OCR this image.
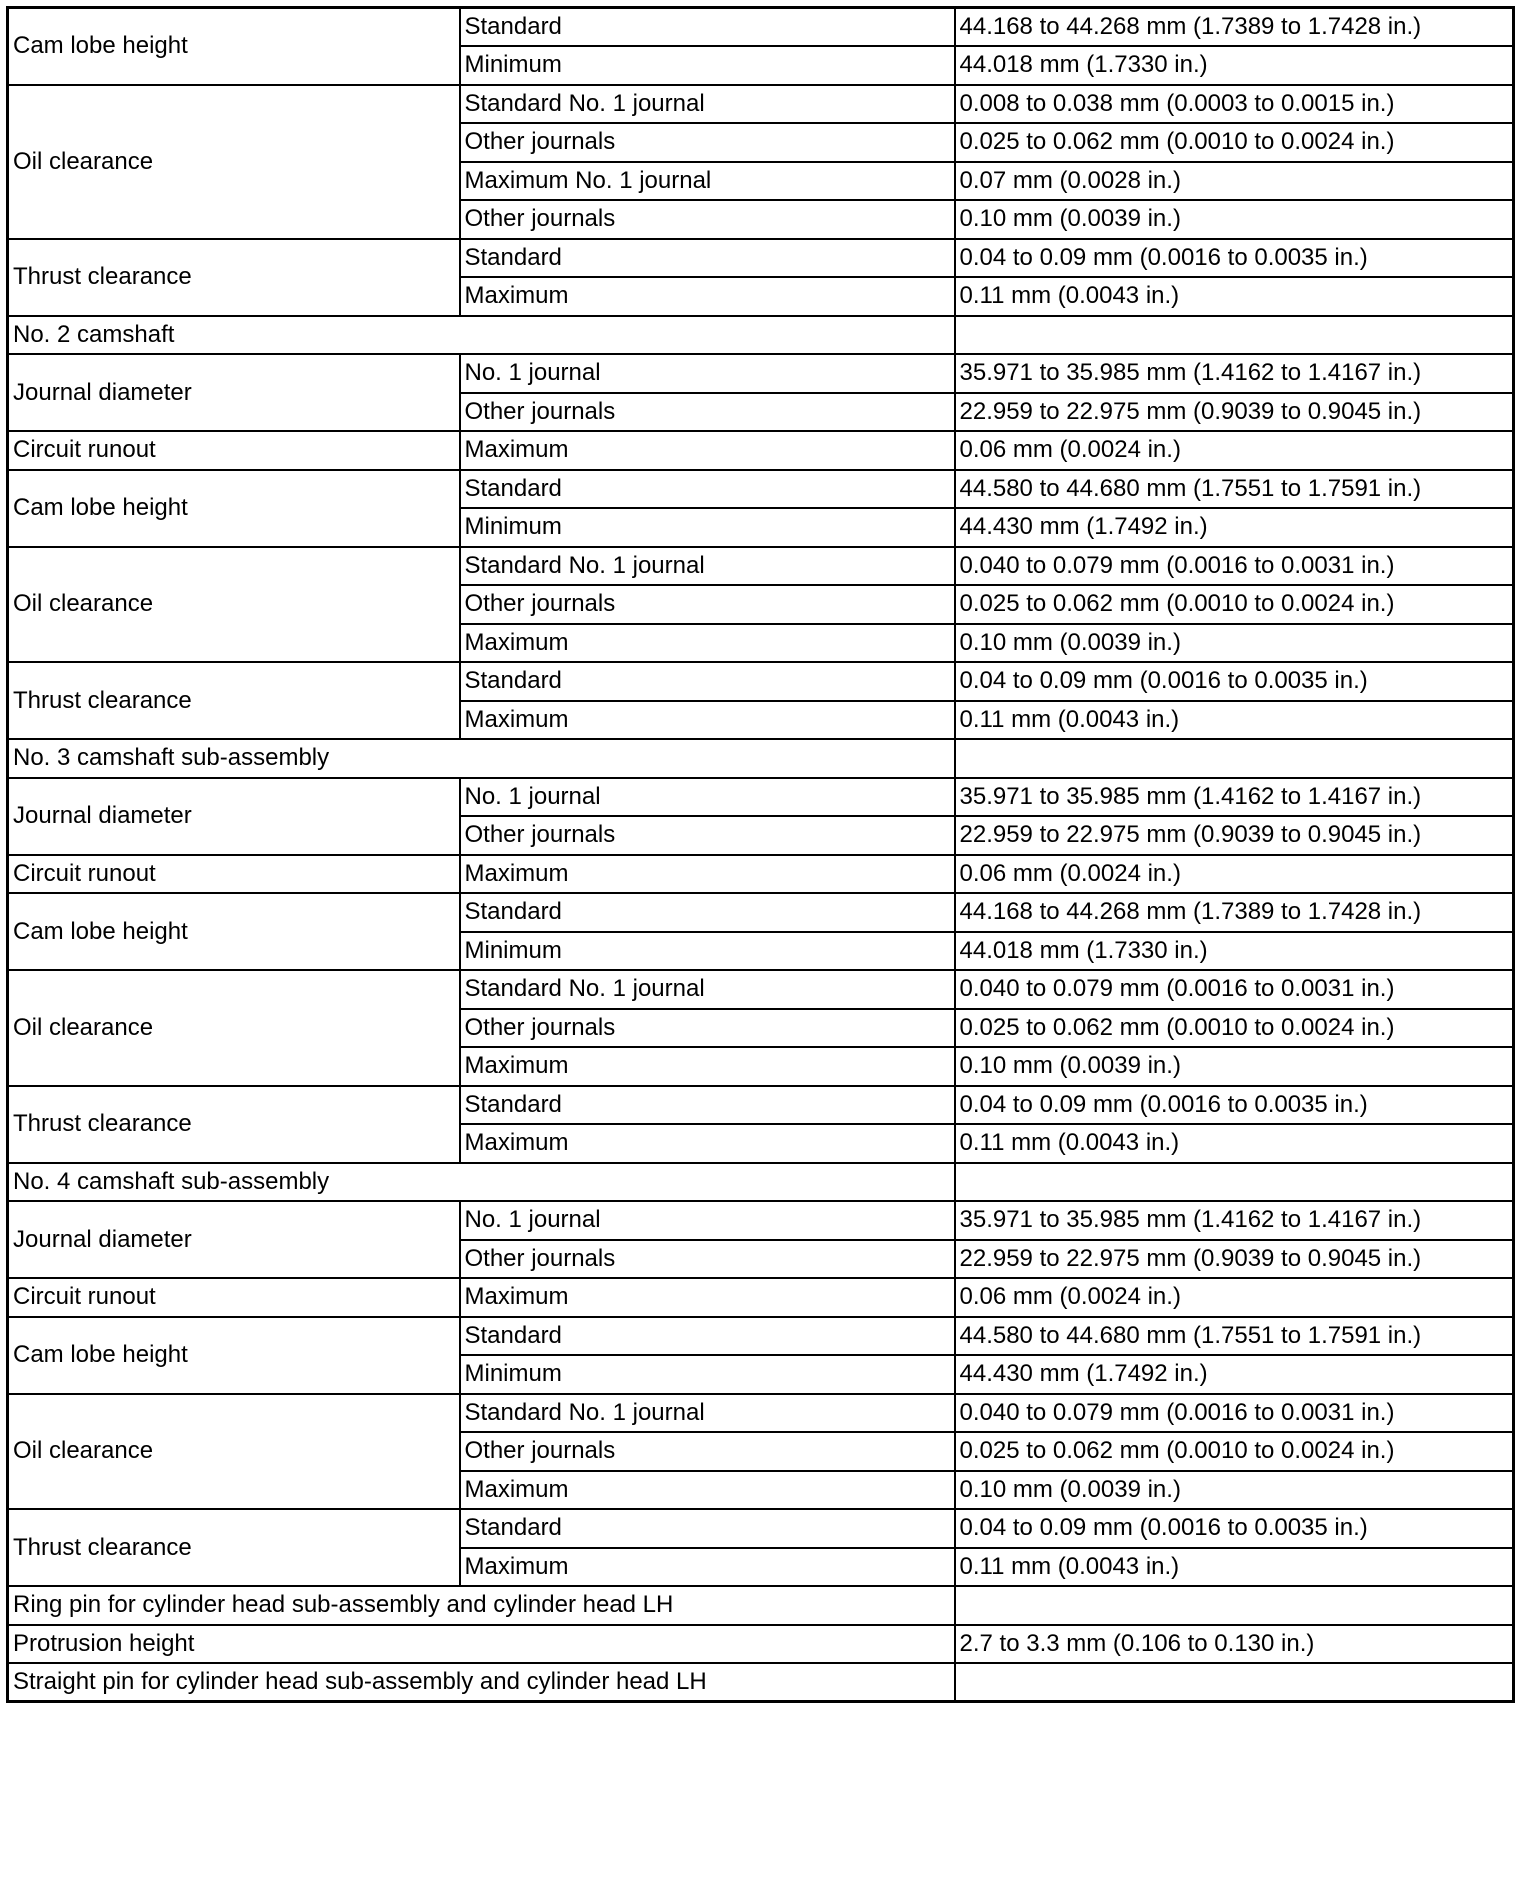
Cam lobe height	Standard	44.168 to 44.268 mm (1.7389 to 1.7428 in.)
	Minimum	44.018 mm (1.7330 in.)
Oil clearance	Standard No. 1 journal	0.008 to 0.038 mm (0.0003 to 0.0015 in.)
	Other journals	0.025 to 0.062 mm (0.0010 to 0.0024 in.)
	Maximum No. 1 journal	0.07 mm (0.0028 in.)
	Other journals	0.10 mm (0.0039 in.)
Thrust clearance	Standard	0.04 to 0.09 mm (0.0016 to 0.0035 in.)
	Maximum	0.11 mm (0.0043 in.)
No. 2 camshaft		
Journal diameter	No. 1 journal	35.971 to 35.985 mm (1.4162 to 1.4167 in.)
	Other journals	22.959 to 22.975 mm (0.9039 to 0.9045 in.)
Circuit runout	Maximum	0.06 mm (0.0024 in.)
Cam lobe height	Standard	44.580 to 44.680 mm (1.7551 to 1.7591 in.)
	Minimum	44.430 mm (1.7492 in.)
Oil clearance	Standard No. 1 journal	0.040 to 0.079 mm (0.0016 to 0.0031 in.)
	Other journals	0.025 to 0.062 mm (0.0010 to 0.0024 in.)
	Maximum	0.10 mm (0.0039 in.)
Thrust clearance	Standard	0.04 to 0.09 mm (0.0016 to 0.0035 in.)
	Maximum	0.11 mm (0.0043 in.)
No. 3 camshaft sub-assembly		
Journal diameter	No. 1 journal	35.971 to 35.985 mm (1.4162 to 1.4167 in.)
	Other journals	22.959 to 22.975 mm (0.9039 to 0.9045 in.)
Circuit runout	Maximum	0.06 mm (0.0024 in.)
Cam lobe height	Standard	44.168 to 44.268 mm (1.7389 to 1.7428 in.)
	Minimum	44.018 mm (1.7330 in.)
Oil clearance	Standard No. 1 journal	0.040 to 0.079 mm (0.0016 to 0.0031 in.)
	Other journals	0.025 to 0.062 mm (0.0010 to 0.0024 in.)
	Maximum	0.10 mm (0.0039 in.)
Thrust clearance	Standard	0.04 to 0.09 mm (0.0016 to 0.0035 in.)
	Maximum	0.11 mm (0.0043 in.)
No. 4 camshaft sub-assembly		
Journal diameter	No. 1 journal	35.971 to 35.985 mm (1.4162 to 1.4167 in.)
	Other journals	22.959 to 22.975 mm (0.9039 to 0.9045 in.)
Circuit runout	Maximum	0.06 mm (0.0024 in.)
Cam lobe height	Standard	44.580 to 44.680 mm (1.7551 to 1.7591 in.)
	Minimum	44.430 mm (1.7492 in.)
Oil clearance	Standard No. 1 journal	0.040 to 0.079 mm (0.0016 to 0.0031 in.)
	Other journals	0.025 to 0.062 mm (0.0010 to 0.0024 in.)
	Maximum	0.10 mm (0.0039 in.)
Thrust clearance	Standard	0.04 to 0.09 mm (0.0016 to 0.0035 in.)
	Maximum	0.11 mm (0.0043 in.)
Ring pin for cylinder head sub-assembly and cylinder head LH		
Protrusion height		2.7 to 3.3 mm (0.106 to 0.130 in.)
Straight pin for cylinder head sub-assembly and cylinder head LH		
